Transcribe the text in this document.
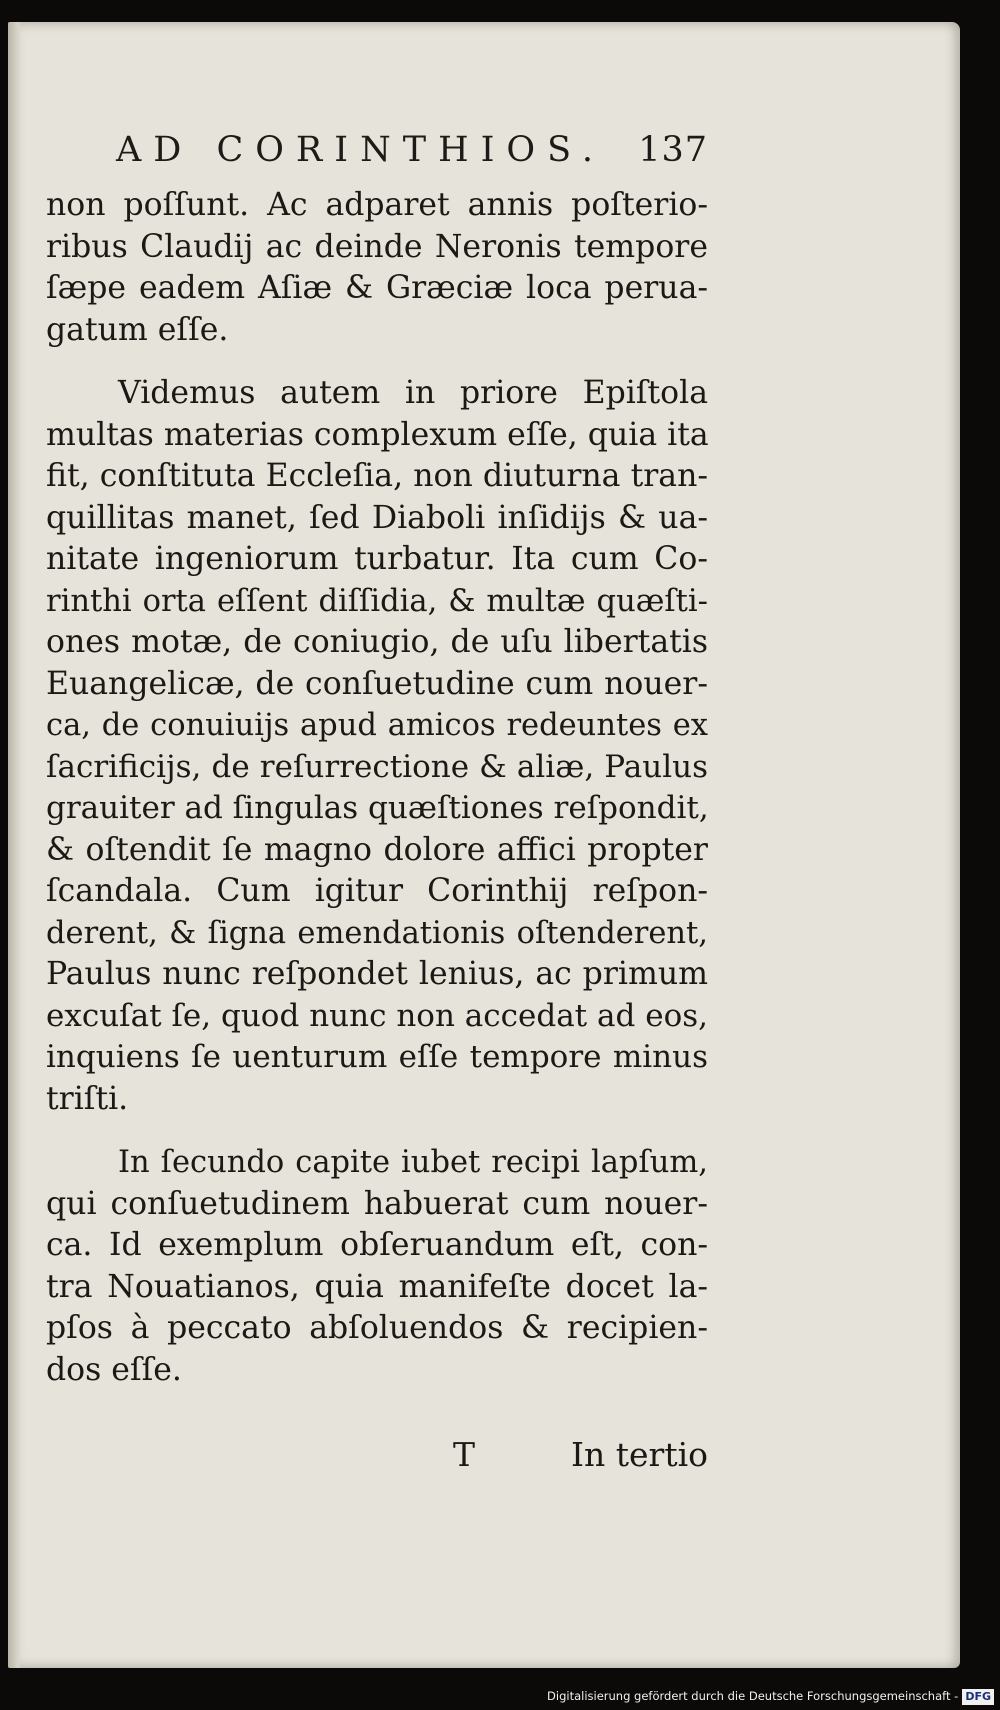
AD CORINTHIOS. 137
non poſſunt. Ac adparet annis poſterio-
ribus Claudij ac deinde Neronis tempore
ſæpe eadem Aſiæ & Græciæ loca perua-
gatum eſſe.
Videmus autem in priore Epiſtola
multas materias complexum eſſe, quia ita
fit, conſtituta Eccleſia, non diuturna tran-
quillitas manet, ſed Diaboli inſidijs & ua-
nitate ingeniorum turbatur. Ita cum Co-
rinthi orta eſſent diſſidia, & multæ quæſti-
ones motæ, de coniugio, de uſu libertatis
Euangelicæ, de conſuetudine cum nouer-
ca, de conuiuijs apud amicos redeuntes ex
ſacrificijs, de reſurrectione & aliæ, Paulus
grauiter ad ſingulas quæſtiones reſpondit,
& oſtendit ſe magno dolore affici propter
ſcandala. Cum igitur Corinthij reſpon-
derent, & ſigna emendationis oſtenderent,
Paulus nunc reſpondet lenius, ac primum
excuſat ſe, quod nunc non accedat ad eos,
inquiens ſe uenturum eſſe tempore minus
triſti.
In ſecundo capite iubet recipi lapſum,
qui conſuetudinem habuerat cum nouer-
ca. Id exemplum obſeruandum eſt, con-
tra Nouatianos, quia manifeſte docet la-
pſos à peccato abſoluendos & recipien-
dos eſſe.
T	In tertio
Digitalisierung gefördert durch die Deutsche Forschungsgemeinschaft - DFG
